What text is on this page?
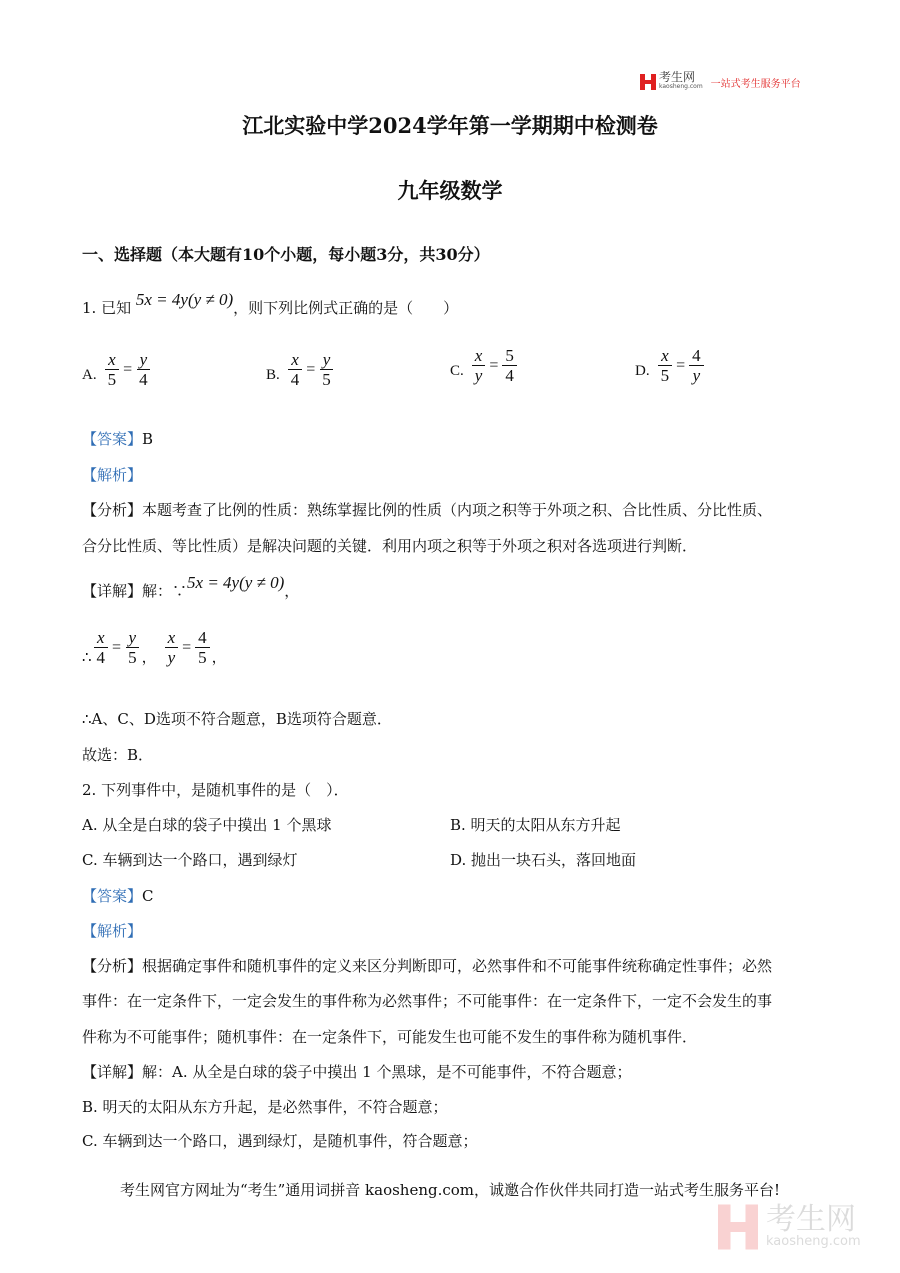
考生网
kaosheng.com 一站式考生服务平台
江北实验中学2024学年第一学期期中检测卷
九年级数学
一、选择题（本大题有10个小题，每小题3分，共30分）
1. 已知 5x = 4y(y ≠ 0)，则下列比例式正确的是（　　）
A. $\frac{x}{5} = \frac{y}{4}$	B. $\frac{x}{4} = \frac{y}{5}$	C. $\frac{x}{y} = \frac{5}{4}$	D. $\frac{x}{5} = \frac{4}{y}$
【答案】B
【解析】
【分析】本题考查了比例的性质：熟练掌握比例的性质（内项之积等于外项之积、合比性质、分比性质、
合分比性质、等比性质）是解决问题的关键．利用内项之积等于外项之积对各选项进行判断．
【详解】解：∵5x = 4y(y ≠ 0)，
∴ $\frac{x}{4} = \frac{y}{5}$ ， $\frac{x}{y} = \frac{4}{5}$ ，
∴A、C、D选项不符合题意，B选项符合题意．
故选：B．
2. 下列事件中，是随机事件的是（　）．
A. 从全是白球的袋子中摸出 1 个黑球	B. 明天的太阳从东方升起
C. 车辆到达一个路口，遇到绿灯	D. 抛出一块石头，落回地面
【答案】C
【解析】
【分析】根据确定事件和随机事件的定义来区分判断即可，必然事件和不可能事件统称确定性事件；必然
事件：在一定条件下，一定会发生的事件称为必然事件；不可能事件：在一定条件下，一定不会发生的事
件称为不可能事件；随机事件：在一定条件下，可能发生也可能不发生的事件称为随机事件．
【详解】解：A. 从全是白球的袋子中摸出 1 个黑球，是不可能事件，不符合题意；
B. 明天的太阳从东方升起，是必然事件，不符合题意；
C. 车辆到达一个路口，遇到绿灯，是随机事件，符合题意；
考生网官方网址为“考生”通用词拼音 kaosheng.com，诚邀合作伙伴共同打造一站式考生服务平台!
考生网
kaosheng.com
